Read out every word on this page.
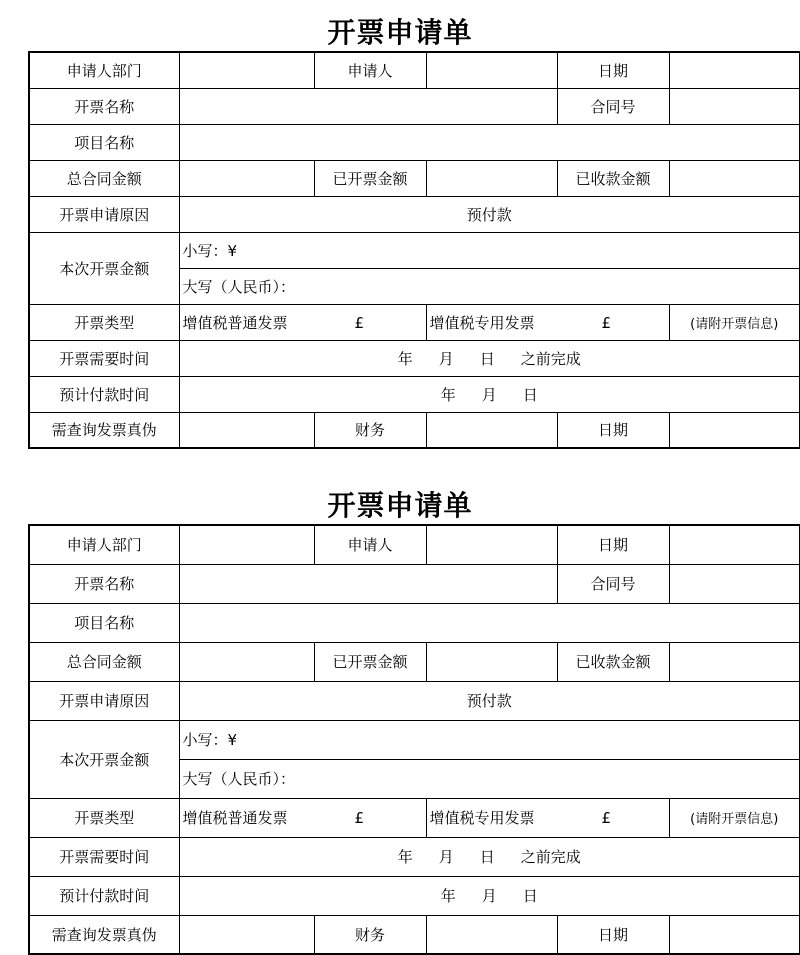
开票申请单
申请人部门		申请人		日期	
开票名称				合同号	
项目名称					
总合同金额		已开票金额		已收款金额	
开票申请原因	预付款				
本次开票金额	小写：¥				
	大写（人民币）：				
开票类型	增值税普通发票 £		增值税专用发票 £		(请附开票信息)
开票需要时间	年 月 日 之前完成				
预计付款时间	年 月 日				
需查询发票真伪		财务		日期	
开票申请单
申请人部门		申请人		日期	
开票名称				合同号	
项目名称					
总合同金额		已开票金额		已收款金额	
开票申请原因	预付款				
本次开票金额	小写：¥				
	大写（人民币）：				
开票类型	增值税普通发票 £		增值税专用发票 £		(请附开票信息)
开票需要时间	年 月 日 之前完成				
预计付款时间	年 月 日				
需查询发票真伪		财务		日期	
